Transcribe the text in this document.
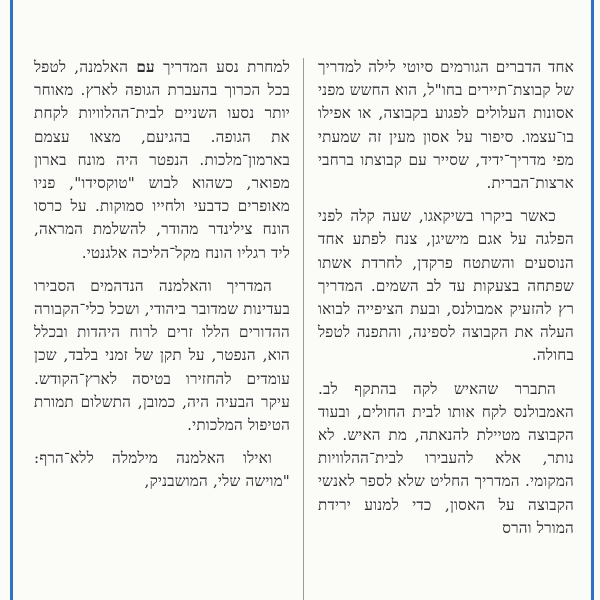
למחרת נסע המדריך עם האלמנה, לטפל בכל הכרוך בהעברת הגופה לארץ. מאוחר יותר נסעו השניים לבית־ההלוויות לקחת את הגופה. בהגיעם, מצאו עצמם בארמון־מלכות. הנפטר היה מונח בארון מפואר, כשהוא לבוש "טוקסידו", פניו מאופרים כדבעי ולחייו סמוקות. על כרסו הונח צילינדר מהודר, להשלמת המראה, ליד רגליו הונח מקל־הליכה אלגנטי.

המדריך והאלמנה הנדהמים הסבירו בעדינות שמדובר ביהודי, ושכל כלי־הקבורה ההדורים הללו זרים לרוח היהדות ובכלל הוא, הנפטר, על תקן של זמני בלבד, שכן עומדים להחזירו בטיסה לארץ־הקודש. עיקר הבעיה היה, כמובן, התשלום תמורת הטיפול המלכותי.

ואילו האלמנה מילמלה ללא־הרף: "מוישה שלי, המושבניק,

אחד הדברים הגורמים סיוטי לילה למדריך של קבוצת־תיירים בחו"ל, הוא החשש מפני אסונות העלולים לפגוע בקבוצה, או אפילו בו־עצמו. סיפור על אסון מעין זה שמעתי מפי מדריך־ידיד, שסייר עם קבוצתו ברחבי ארצות־הברית.

כאשר ביקרו בשיקאגו, שעה קלה לפני הפלגה על אגם מישיגן, צנח לפתע אחד הנוסעים והשתטח פרקדן, לחרדת אשתו שפתחה בצעקות עד לב השמים. המדריך רץ להזעיק אמבולנס, ובעת הציפייה לבואו העלה את הקבוצה לספינה, והתפנה לטפל בחולה.

התברר שהאיש לקה בהתקף לב. האמבולנס לקח אותו לבית החולים, ובעוד הקבוצה מטיילת להנאתה, מת האיש. לא נותר, אלא להעבירו לבית־ההלוויות המקומי. המדריך החליט שלא לספר לאנשי הקבוצה על האסון, כדי למנוע ירידת המורל והרס
